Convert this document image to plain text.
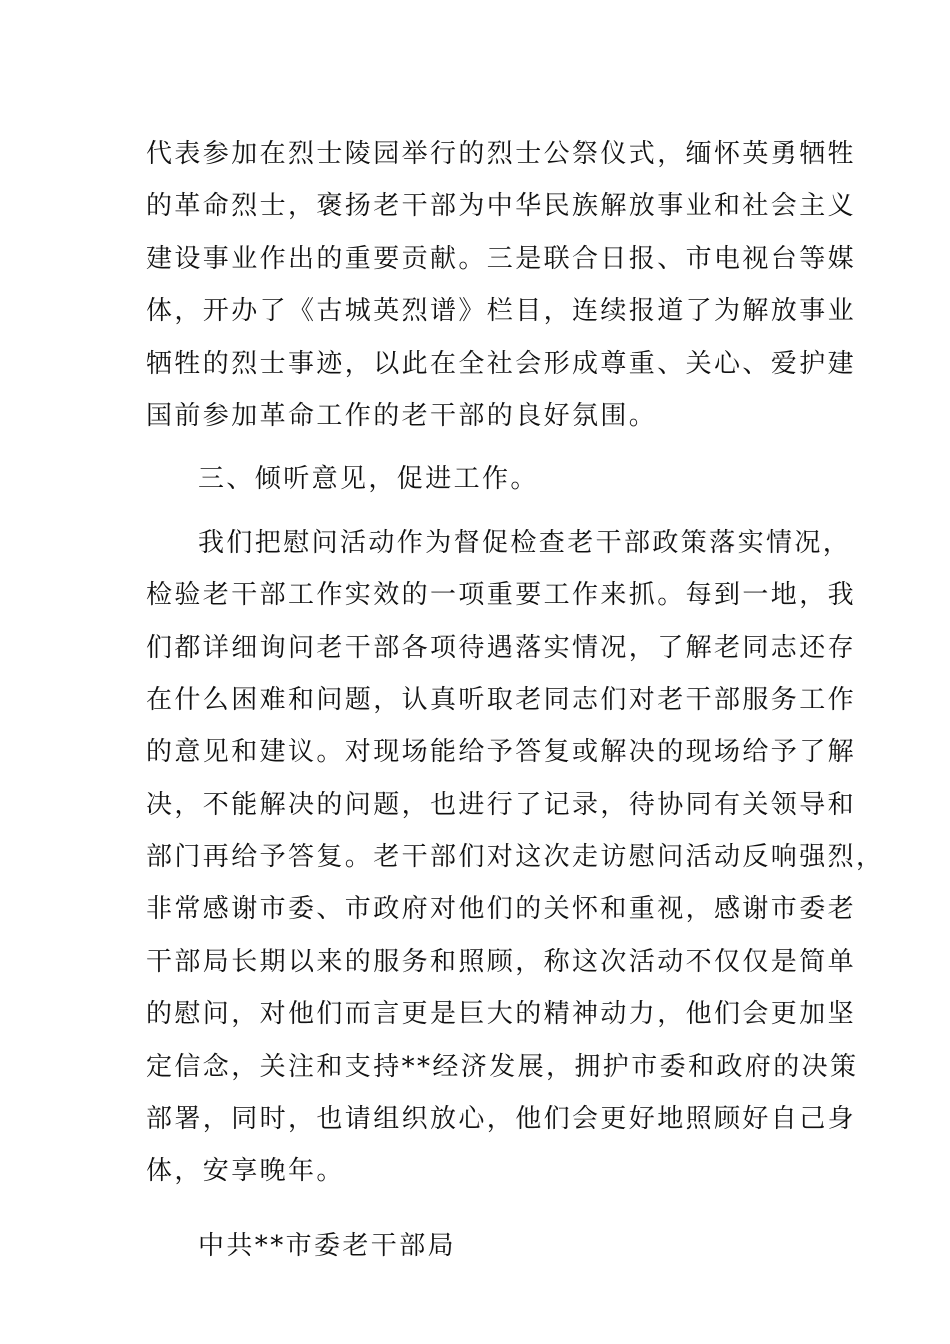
代表参加在烈士陵园举行的烈士公祭仪式，缅怀英勇牺牲
的革命烈士，褒扬老干部为中华民族解放事业和社会主义
建设事业作出的重要贡献。三是联合日报、市电视台等媒
体，开办了《古城英烈谱》栏目，连续报道了为解放事业
牺牲的烈士事迹，以此在全社会形成尊重、关心、爱护建
国前参加革命工作的老干部的良好氛围。
三、倾听意见，促进工作。
我们把慰问活动作为督促检查老干部政策落实情况，
检验老干部工作实效的一项重要工作来抓。每到一地，我
们都详细询问老干部各项待遇落实情况，了解老同志还存
在什么困难和问题，认真听取老同志们对老干部服务工作
的意见和建议。对现场能给予答复或解决的现场给予了解
决，不能解决的问题，也进行了记录，待协同有关领导和
部门再给予答复。老干部们对这次走访慰问活动反响强烈，
非常感谢市委、市政府对他们的关怀和重视，感谢市委老
干部局长期以来的服务和照顾，称这次活动不仅仅是简单
的慰问，对他们而言更是巨大的精神动力，他们会更加坚
定信念，关注和支持**经济发展，拥护市委和政府的决策
部署，同时，也请组织放心，他们会更好地照顾好自己身
体，安享晚年。
中共**市委老干部局
